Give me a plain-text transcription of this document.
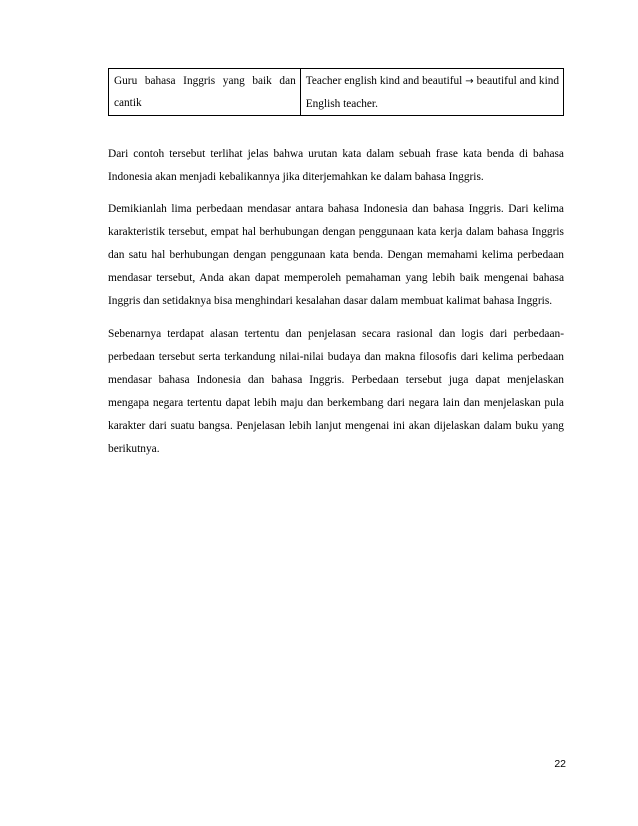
Guru bahasa Inggris yang baik dan cantik	Teacher english kind and beautiful → beautiful and kind English teacher.

Dari contoh tersebut terlihat jelas bahwa urutan kata dalam sebuah frase kata benda di bahasa Indonesia akan menjadi kebalikannya jika diterjemahkan ke dalam bahasa Inggris.

Demikianlah lima perbedaan mendasar antara bahasa Indonesia dan bahasa Inggris. Dari kelima karakteristik tersebut, empat hal berhubungan dengan penggunaan kata kerja dalam bahasa Inggris dan satu hal berhubungan dengan penggunaan kata benda. Dengan memahami kelima perbedaan mendasar tersebut, Anda akan dapat memperoleh pemahaman yang lebih baik mengenai bahasa Inggris dan setidaknya bisa menghindari kesalahan dasar dalam membuat kalimat bahasa Inggris.

Sebenarnya terdapat alasan tertentu dan penjelasan secara rasional dan logis dari perbedaan-perbedaan tersebut serta terkandung nilai-nilai budaya dan makna filosofis dari kelima perbedaan mendasar bahasa Indonesia dan bahasa Inggris. Perbedaan tersebut juga dapat menjelaskan mengapa negara tertentu dapat lebih maju dan berkembang dari negara lain dan menjelaskan pula karakter dari suatu bangsa. Penjelasan lebih lanjut mengenai ini akan dijelaskan dalam buku yang berikutnya.

22
